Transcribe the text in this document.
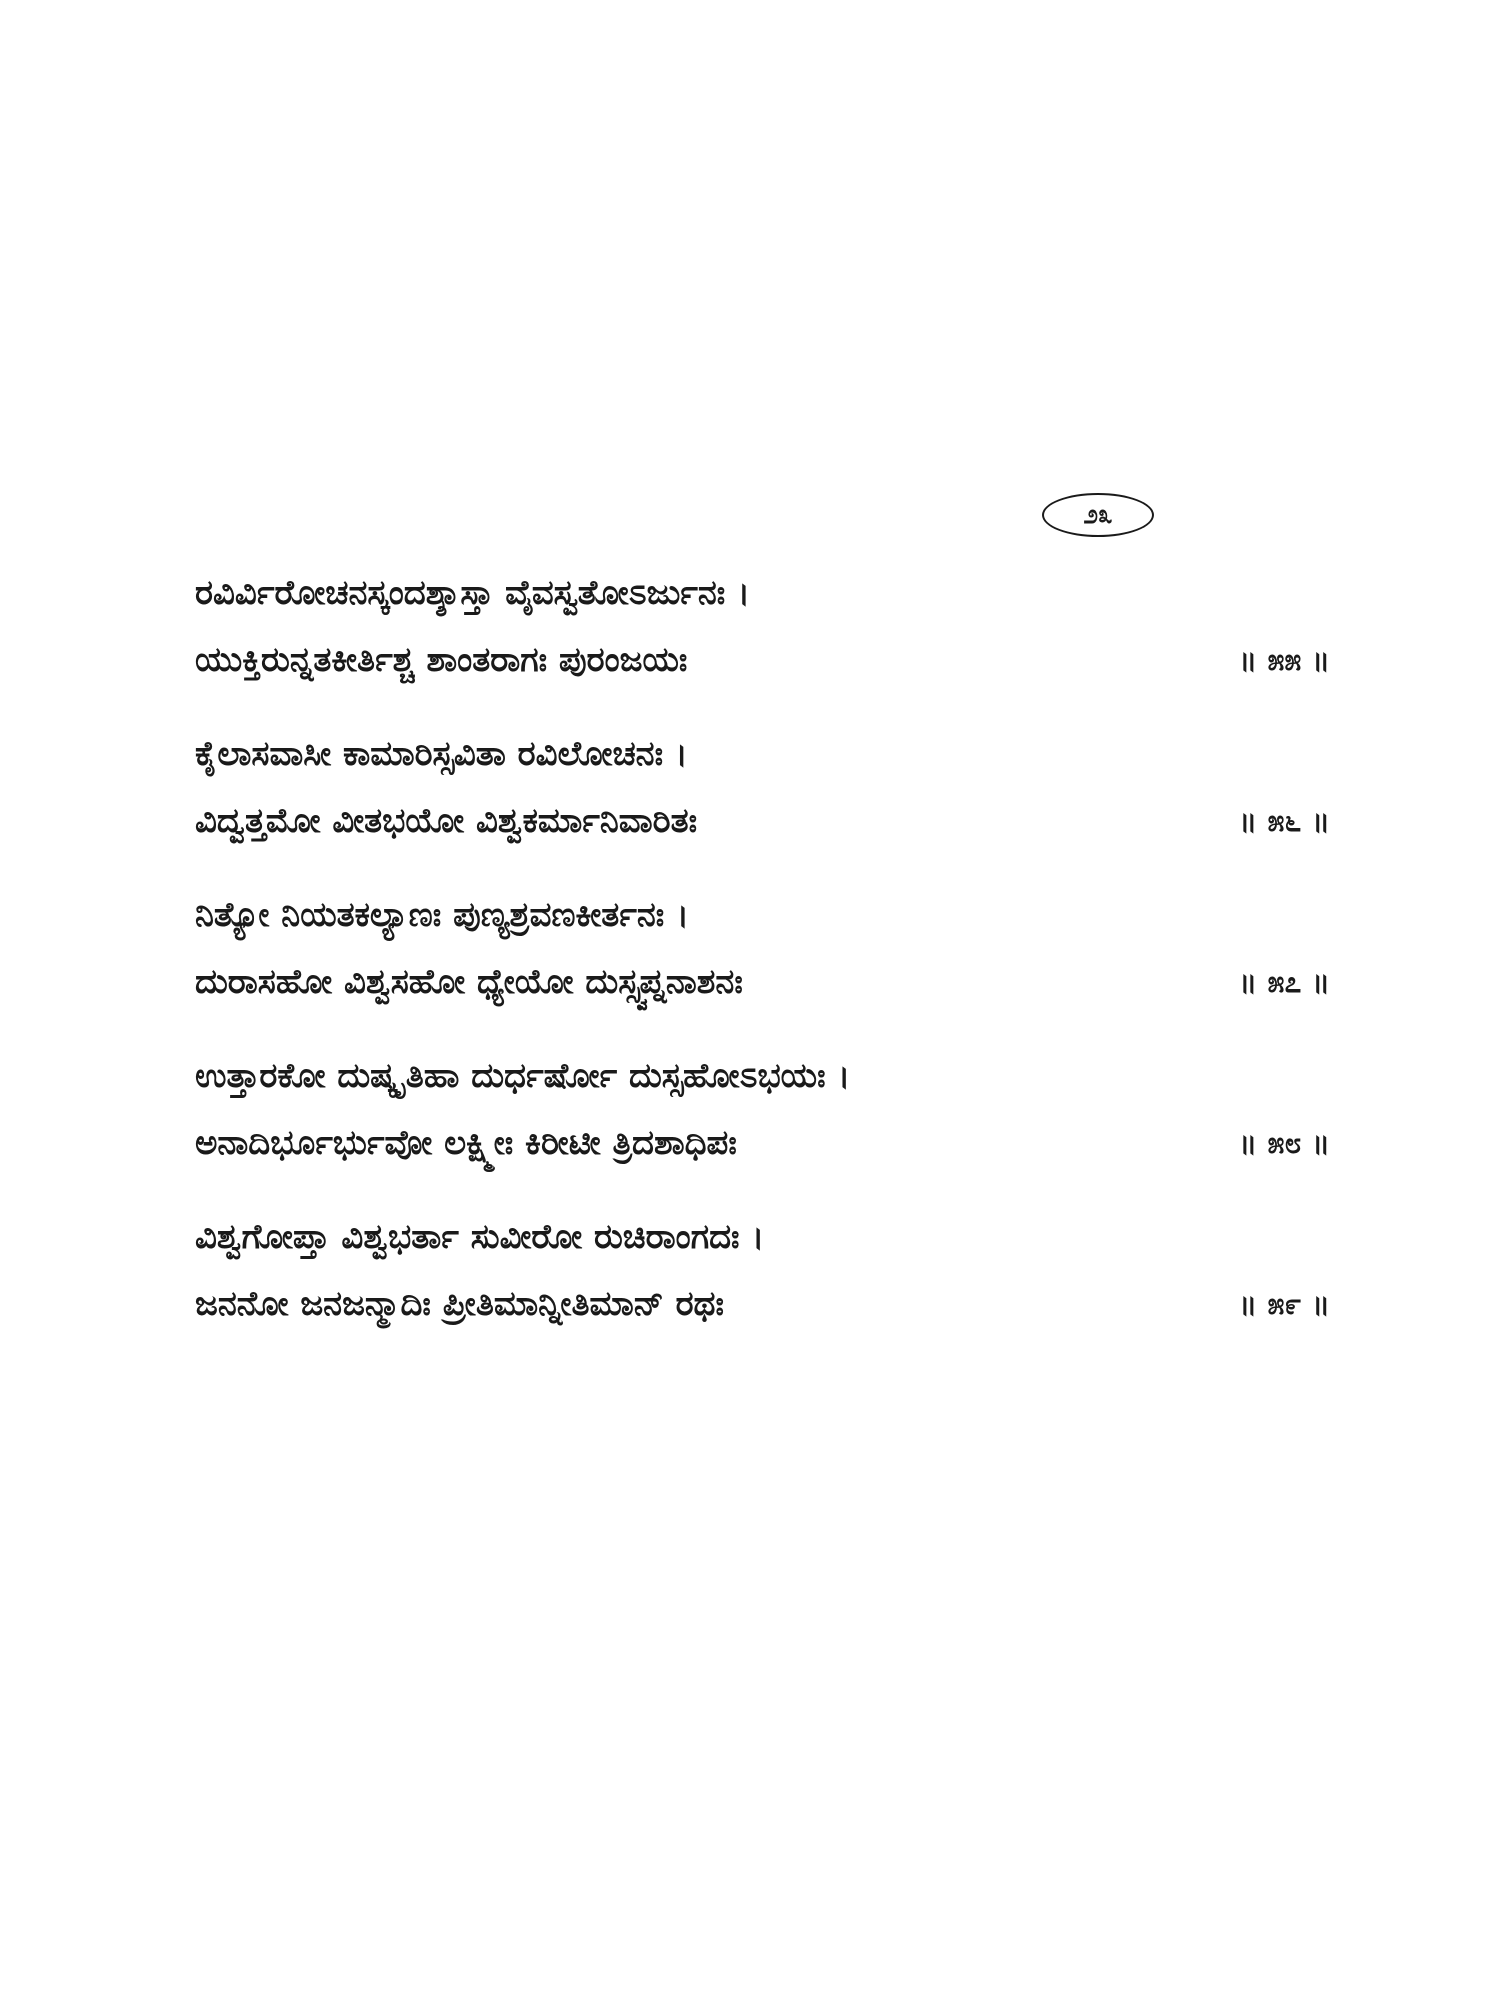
೨೩
ರವಿರ್ವಿರೋಚನಸ್ಕಂದಶ್ಶಾಸ್ತಾ ವೈವಸ್ವತೋಽರ್ಜುನಃ ।
ಯುಕ್ತಿರುನ್ನತಕೀರ್ತಿಶ್ಚ ಶಾಂತರಾಗಃ ಪುರಂಜಯಃ	॥ ೫೫ ॥
ಕೈಲಾಸವಾಸೀ ಕಾಮಾರಿಸ್ಸವಿತಾ ರವಿಲೋಚನಃ ।
ವಿದ್ವತ್ತಮೋ ವೀತಭಯೋ ವಿಶ್ವಕರ್ಮಾನಿವಾರಿತಃ	॥ ೫೬ ॥
ನಿತ್ಯೋ ನಿಯತಕಲ್ಯಾಣಃ ಪುಣ್ಯಶ್ರವಣಕೀರ್ತನಃ ।
ದುರಾಸಹೋ ವಿಶ್ವಸಹೋ ಧ್ಯೇಯೋ ದುಸ್ಸ್ವಪ್ನನಾಶನಃ	॥ ೫೭ ॥
ಉತ್ತಾರಕೋ ದುಷ್ಕೃತಿಹಾ ದುರ್ಧರ್ಷೋ ದುಸ್ಸಹೋಽಭಯಃ ।
ಅನಾದಿರ್ಭೂರ್ಭುವೋ ಲಕ್ಷ್ಮೀಃ ಕಿರೀಟೀ ತ್ರಿದಶಾಧಿಪಃ	॥ ೫೮ ॥
ವಿಶ್ವಗೋಪ್ತಾ ವಿಶ್ವಭರ್ತಾ ಸುವೀರೋ ರುಚಿರಾಂಗದಃ ।
ಜನನೋ ಜನಜನ್ಮಾದಿಃ ಪ್ರೀತಿಮಾನ್ನೀತಿಮಾನ್ ರಥಃ	॥ ೫೯ ॥
